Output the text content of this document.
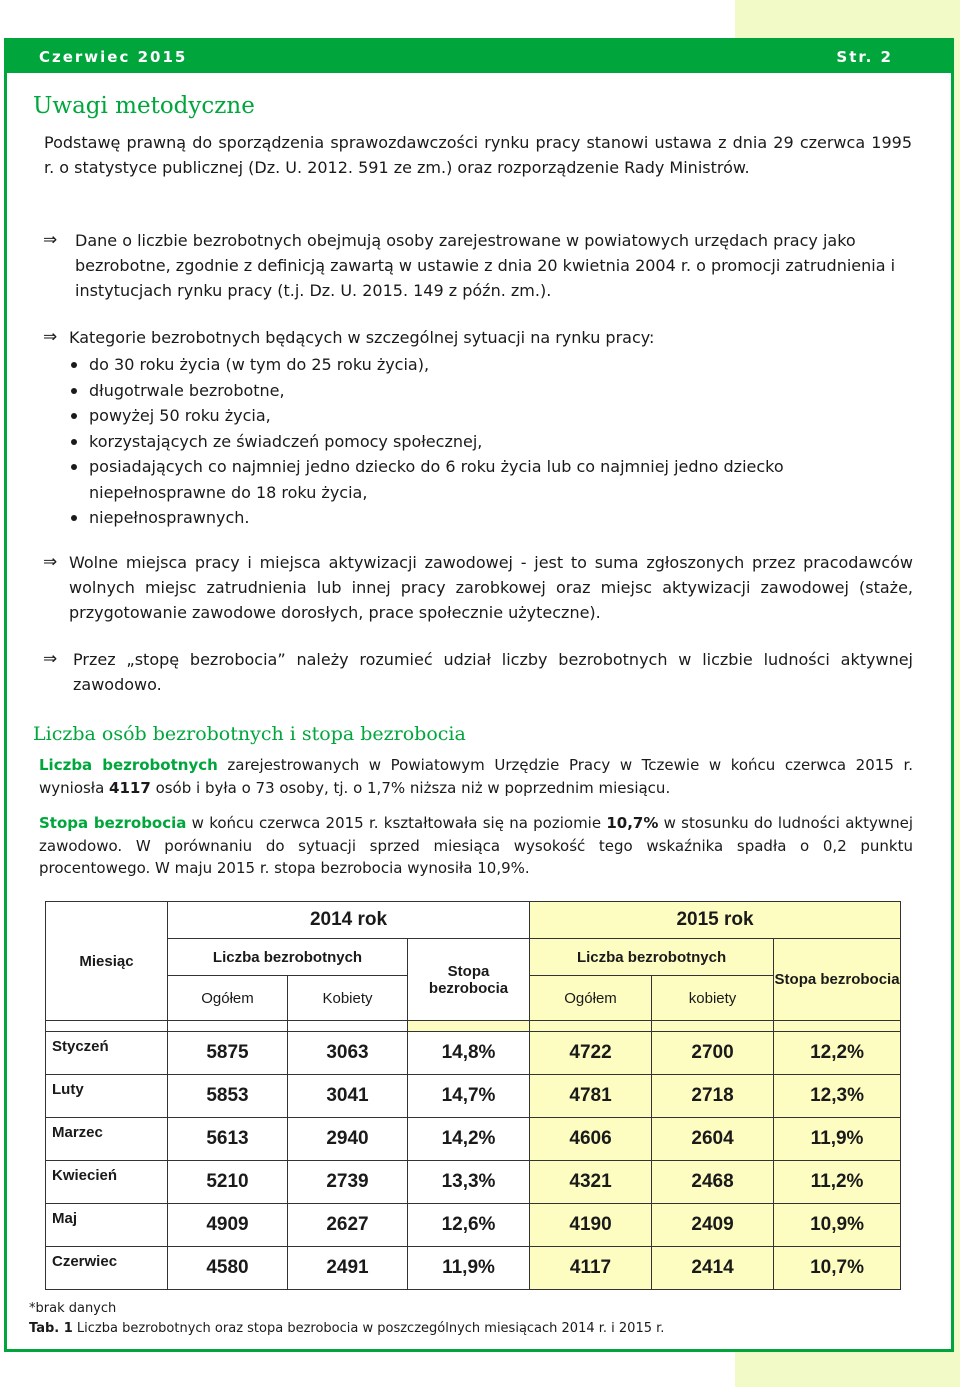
Czerwiec 2015	Str. 2
Uwagi metodyczne

Podstawę prawną do sporządzenia sprawozdawczości rynku pracy stanowi ustawa z dnia 29 czerwca 1995 r. o statystyce publicznej (Dz. U. 2012. 591 ze zm.) oraz rozporządzenie Rady Ministrów.

⇒ Dane o liczbie bezrobotnych obejmują osoby zarejestrowane w powiatowych urzędach pracy jako bezrobotne, zgodnie z definicją zawartą w ustawie z dnia 20 kwietnia 2004 r. o promocji zatrudnienia i instytucjach rynku pracy (t.j. Dz. U. 2015. 149 z późn. zm.).

⇒ Kategorie bezrobotnych będących w szczególnej sytuacji na rynku pracy:

do 30 roku życia (w tym do 25 roku życia),
długotrwale bezrobotne,
powyżej 50 roku życia,
korzystających ze świadczeń pomocy społecznej,
posiadających co najmniej jedno dziecko do 6 roku życia lub co najmniej jedno dziecko niepełnosprawne do 18 roku życia,
niepełnosprawnych.
⇒ Wolne miejsca pracy i miejsca aktywizacji zawodowej - jest to suma zgłoszonych przez pracodawców wolnych miejsc zatrudnienia lub innej pracy zarobkowej oraz miejsc aktywizacji zawodowej (staże, przygotowanie zawodowe dorosłych, prace społecznie użyteczne).

⇒ Przez „stopę bezrobocia” należy rozumieć udział liczby bezrobotnych w liczbie ludności aktywnej zawodowo.

Liczba osób bezrobotnych i stopa bezrobocia

Liczba bezrobotnych zarejestrowanych w Powiatowym Urzędzie Pracy w Tczewie w końcu czerwca 2015 r. wyniosła 4117 osób i była o 73 osoby, tj. o 1,7% niższa niż w poprzednim miesiącu.

Stopa bezrobocia w końcu czerwca 2015 r. kształtowała się na poziomie 10,7% w stosunku do ludności aktywnej zawodowo. W porównaniu do sytuacji sprzed miesiąca wysokość tego wskaźnika spadła o 0,2 punktu procentowego. W maju 2015 r. stopa bezrobocia wynosiła 10,9%.

Miesiąc	2014 rok			2015 rok		
	Liczba bezrobotnych		Stopa bezrobocia	Liczba bezrobotnych		Stopa bezrobocia
	Ogółem	Kobiety		Ogółem	kobiety	

Styczeń	5875	3063	14,8%	4722	2700	12,2%
Luty	5853	3041	14,7%	4781	2718	12,3%
Marzec	5613	2940	14,2%	4606	2604	11,9%
Kwiecień	5210	2739	13,3%	4321	2468	11,2%
Maj	4909	2627	12,6%	4190	2409	10,9%
Czerwiec	4580	2491	11,9%	4117	2414	10,7%
*brak danych
Tab. 1 Liczba bezrobotnych oraz stopa bezrobocia w poszczególnych miesiącach 2014 r. i 2015 r.
